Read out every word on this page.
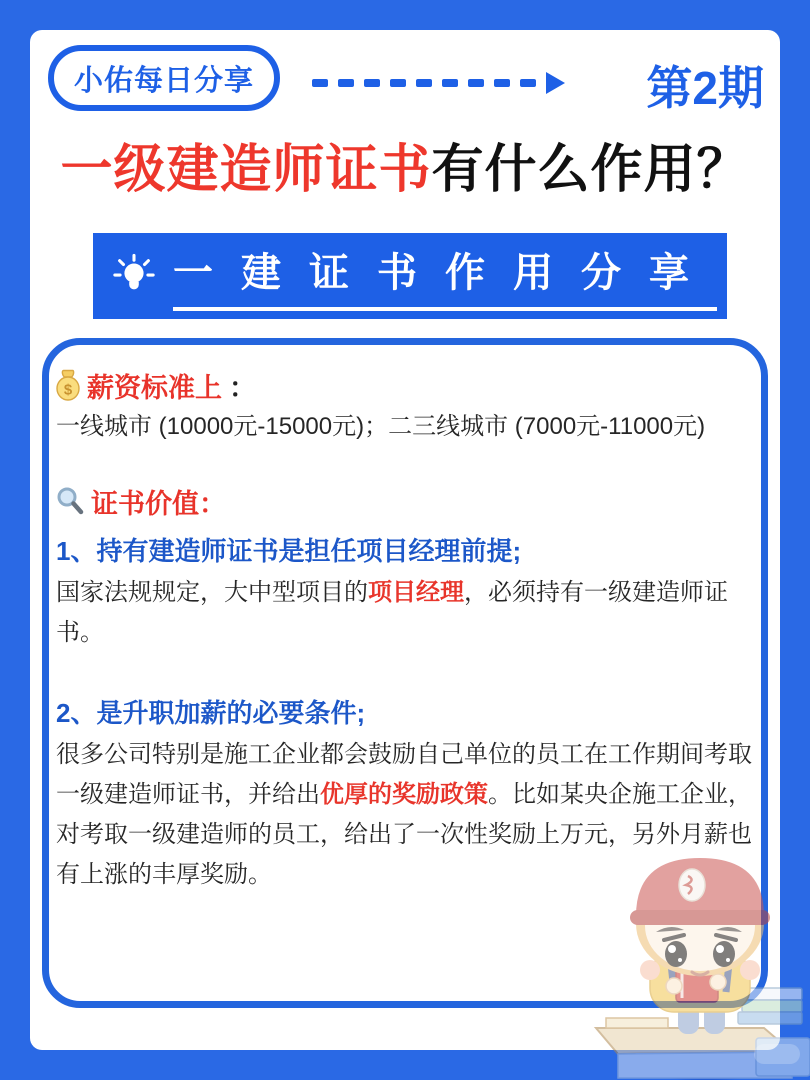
小佑每日分享	第2期
一级建造师证书有什么作用？
一建证书作用分享
$ 薪资标准上 ：

一线城市 (10000元-15000元)；二三线城市 (7000元-11000元)

证书价值：
1、持有建造师证书是担任项目经理前提;

国家法规规定，大中型项目的项目经理，必须持有一级建造师证书。

2、是升职加薪的必要条件;

很多公司特别是施工企业都会鼓励自己单位的员工在工作期间考取一级建造师证书，并给出优厚的奖励政策。比如某央企施工企业，对考取一级建造师的员工，给出了一次性奖励上万元，另外月薪也有上涨的丰厚奖励。
